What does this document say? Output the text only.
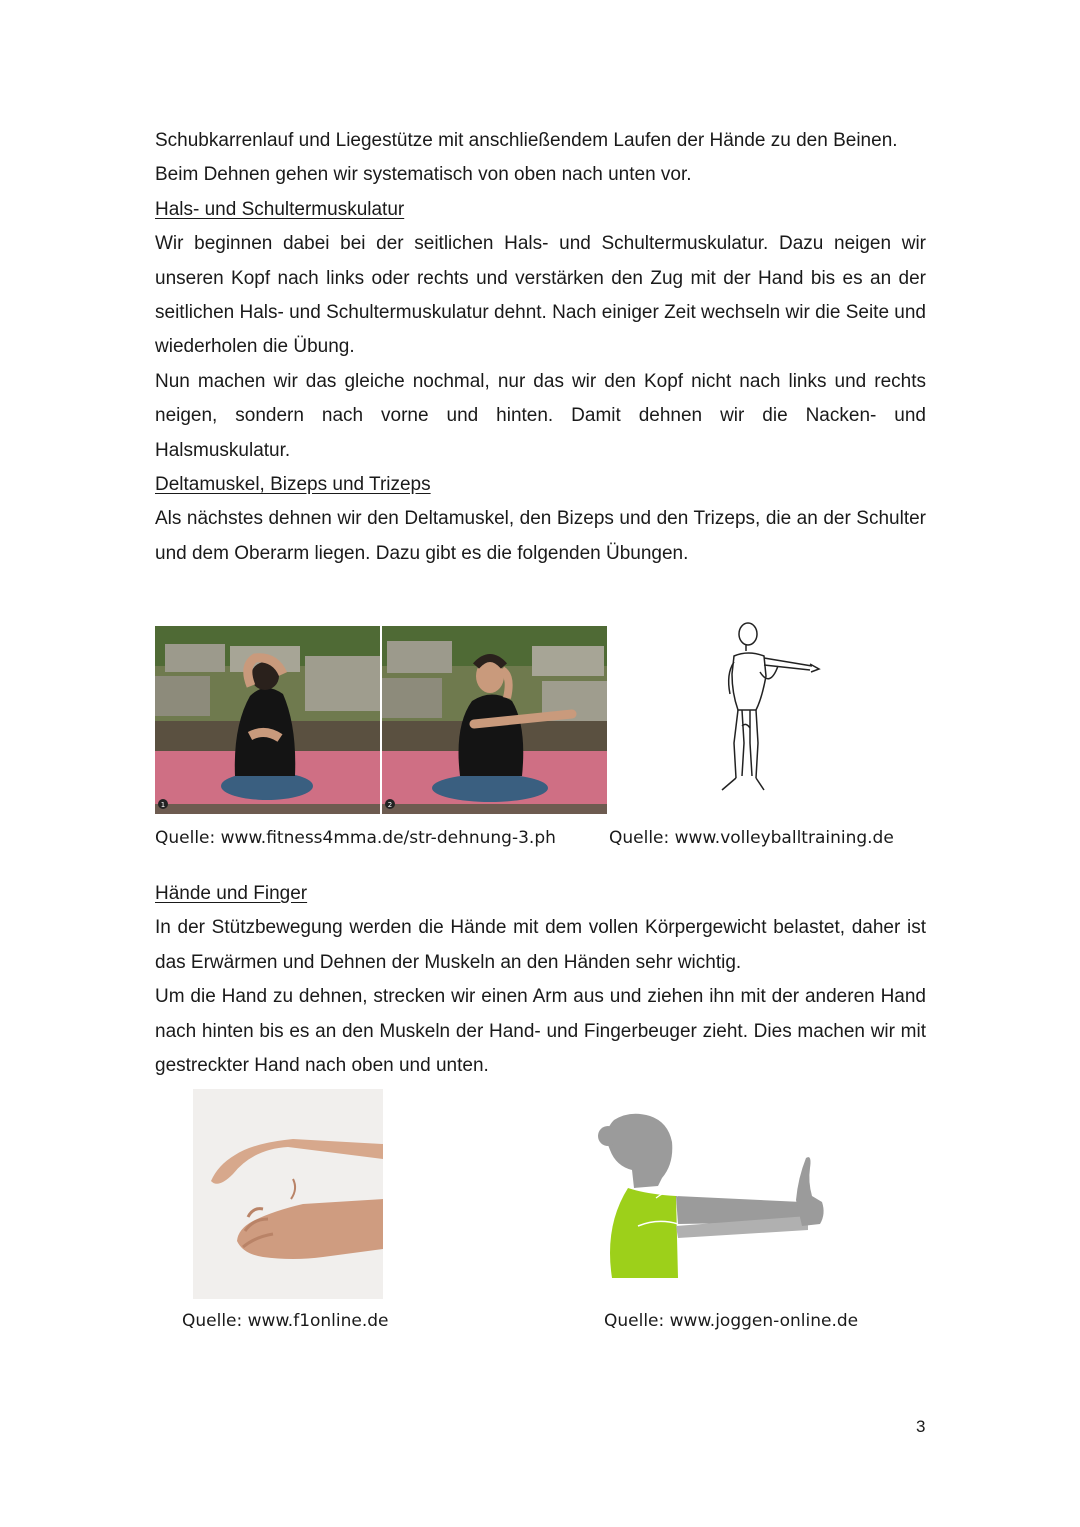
Schubkarrenlauf und Liegestütze mit anschließendem Laufen der Hände zu den Beinen.

Beim Dehnen gehen wir systematisch von oben nach unten vor.

Hals- und Schultermuskulatur

Wir beginnen dabei bei der seitlichen Hals- und Schultermuskulatur. Dazu neigen wir unseren Kopf nach links oder rechts und verstärken den Zug mit der Hand bis es an der seitlichen Hals- und Schultermuskulatur dehnt. Nach einiger Zeit wechseln wir die Seite und wiederholen die Übung.

Nun machen wir das gleiche nochmal, nur das wir den Kopf nicht nach links und rechts neigen, sondern nach vorne und hinten. Damit dehnen wir die Nacken- und Halsmuskulatur.

Deltamuskel, Bizeps und Trizeps

Als nächstes dehnen wir den Deltamuskel, den Bizeps und den Trizeps, die an der Schulter und dem Oberarm liegen. Dazu gibt es die folgenden Übungen.

1	2
Quelle: www.fitness4mma.de/str-dehnung-3.ph	Quelle: www.volleyballtraining.de

Hände und Finger

In der Stützbewegung werden die Hände mit dem vollen Körpergewicht belastet, daher ist das Erwärmen und Dehnen der Muskeln an den Händen sehr wichtig.

Um die Hand zu dehnen, strecken wir einen Arm aus und ziehen ihn mit der anderen Hand nach hinten bis es an den Muskeln der Hand- und Fingerbeuger zieht. Dies machen wir mit gestreckter Hand nach oben und unten.

Quelle: www.f1online.de	Quelle: www.joggen-online.de
3
